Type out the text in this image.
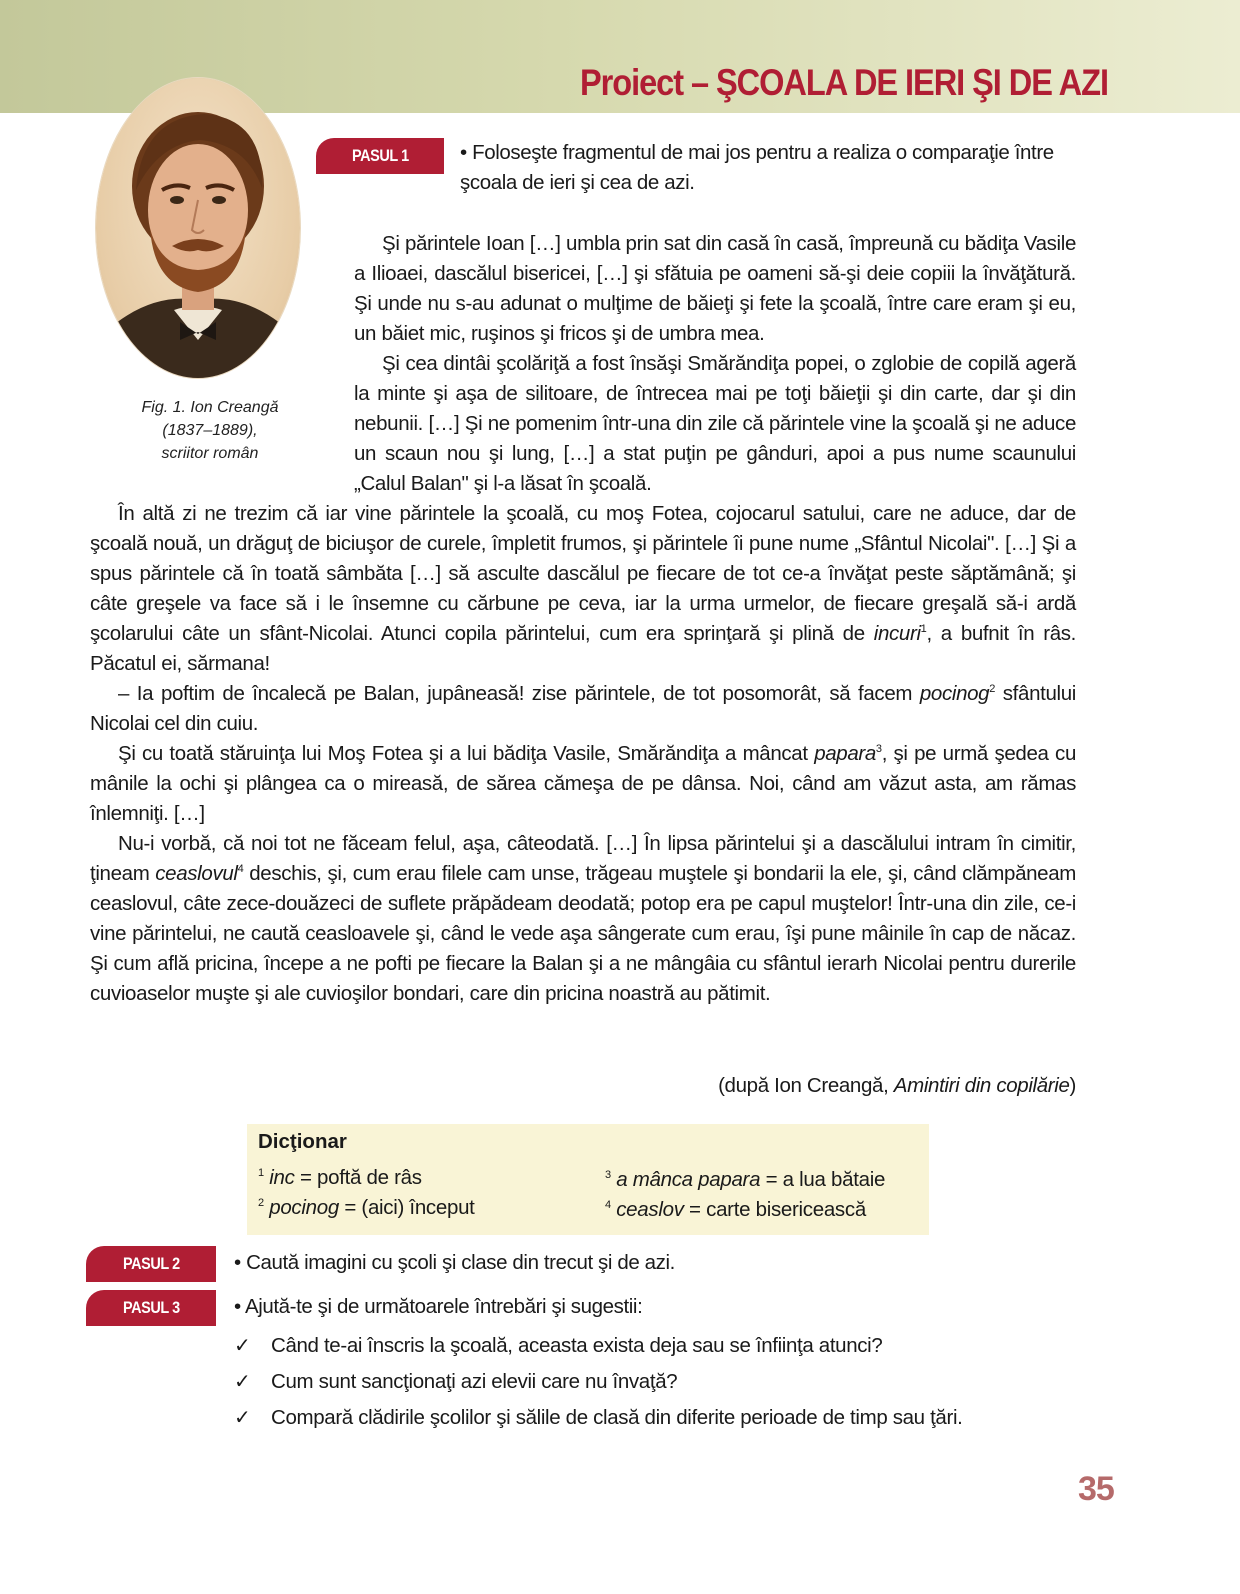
Proiect – ŞCOALA DE IERI ŞI DE AZI
Fig. 1. Ion Creangă
(1837–1889),
scriitor român
PASUL 1	• Foloseşte fragmentul de mai jos pentru a realiza o comparaţie între şcoala de ieri şi cea de azi.

Şi părintele Ioan […] umbla prin sat din casă în casă, împreună cu bădiţa Vasile a Ilioaei, dascălul bisericei, […] şi sfătuia pe oameni să-şi deie copiii la învăţătură. Şi unde nu s-au adunat o mulţime de băieţi şi fete la şcoală, între care eram şi eu, un băiet mic, ruşinos şi fricos şi de umbra mea.

Şi cea dintâi şcolăriţă a fost însăşi Smărăndiţa popei, o zglobie de copilă ageră la minte şi aşa de silitoare, de întrecea mai pe toţi băieţii şi din carte, dar şi din nebunii. […] Şi ne pomenim într-una din zile că părintele vine la şcoală şi ne aduce un scaun nou şi lung, […] a stat puţin pe gânduri, apoi a pus nume scaunului „Calul Balan" şi l-a lăsat în şcoală.

În altă zi ne trezim că iar vine părintele la şcoală, cu moş Fotea, cojocarul satului, care ne aduce, dar de şcoală nouă, un drăguţ de biciuşor de curele, împletit frumos, şi părintele îi pune nume „Sfântul Nicolai". […] Şi a spus părintele că în toată sâmbăta […] să asculte dascălul pe fiecare de tot ce-a învăţat peste săptămână; şi câte greşele va face să i le însemne cu cărbune pe ceva, iar la urma urmelor, de fiecare greşală să-i ardă şcolarului câte un sfânt-Nicolai. Atunci copila părintelui, cum era sprinţară şi plină de incuri$^1$, a bufnit în râs. Păcatul ei, sărmana!

– Ia poftim de încalecă pe Balan, jupâneasă! zise părintele, de tot posomorât, să facem pocinog$^2$ sfântului Nicolai cel din cuiu.

Şi cu toată stăruinţa lui Moş Fotea şi a lui bădiţa Vasile, Smărăndiţa a mâncat papara$^3$, şi pe urmă şedea cu mânile la ochi şi plângea ca o mireasă, de sărea cămeşa de pe dânsa. Noi, când am văzut asta, am rămas înlemniţi. […]

Nu-i vorbă, că noi tot ne făceam felul, aşa, câteodată. […] În lipsa părintelui şi a dascălului intram în cimitir, ţineam ceaslovul$^4$ deschis, şi, cum erau filele cam unse, trăgeau muştele şi bondarii la ele, şi, când clămpăneam ceaslovul, câte zece-douăzeci de suflete prăpădeam deodată; potop era pe capul muştelor! Într-una din zile, ce-i vine părintelui, ne caută ceasloavele şi, când le vede aşa sângerate cum erau, îşi pune mâinile în cap de năcaz. Şi cum află pricina, începe a ne pofti pe fiecare la Balan şi a ne mângâia cu sfântul ierarh Nicolai pentru durerile cuvioaselor muşte şi ale cuvioşilor bondari, care din pricina noastră au pătimit.

(după Ion Creangă, Amintiri din copilărie)
Dicţionar
$^1$ inc = poftă de râs
$^2$ pocinog = (aici) început
$^3$ a mânca papara = a lua bătaie
$^4$ ceaslov = carte bisericească
PASUL 2	• Caută imagini cu şcoli şi clase din trecut şi de azi.
PASUL 3	• Ajută-te şi de următoarele întrebări şi sugestii:
✓ Când te-ai înscris la şcoală, aceasta exista deja sau se înfiinţa atunci?
✓ Cum sunt sancţionaţi azi elevii care nu învaţă?
✓ Compară clădirile şcolilor şi sălile de clasă din diferite perioade de timp sau ţări.
35
